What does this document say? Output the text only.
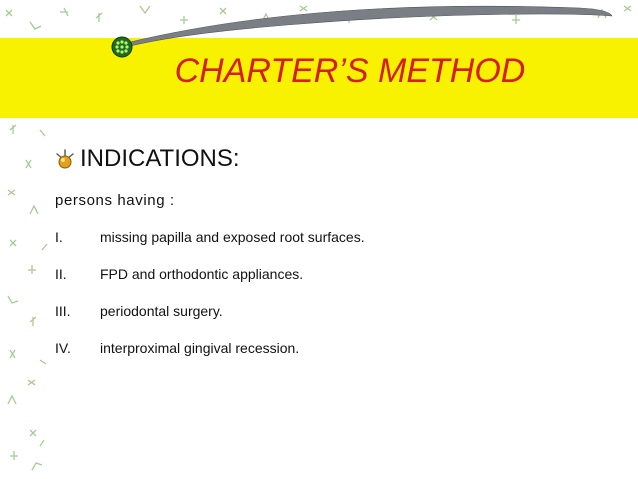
CHARTER’S METHOD
INDICATIONS:
persons having :
I.	missing papilla and exposed root surfaces.
II.	FPD and orthodontic appliances.
III.	periodontal surgery.
IV.	interproximal gingival recession.
